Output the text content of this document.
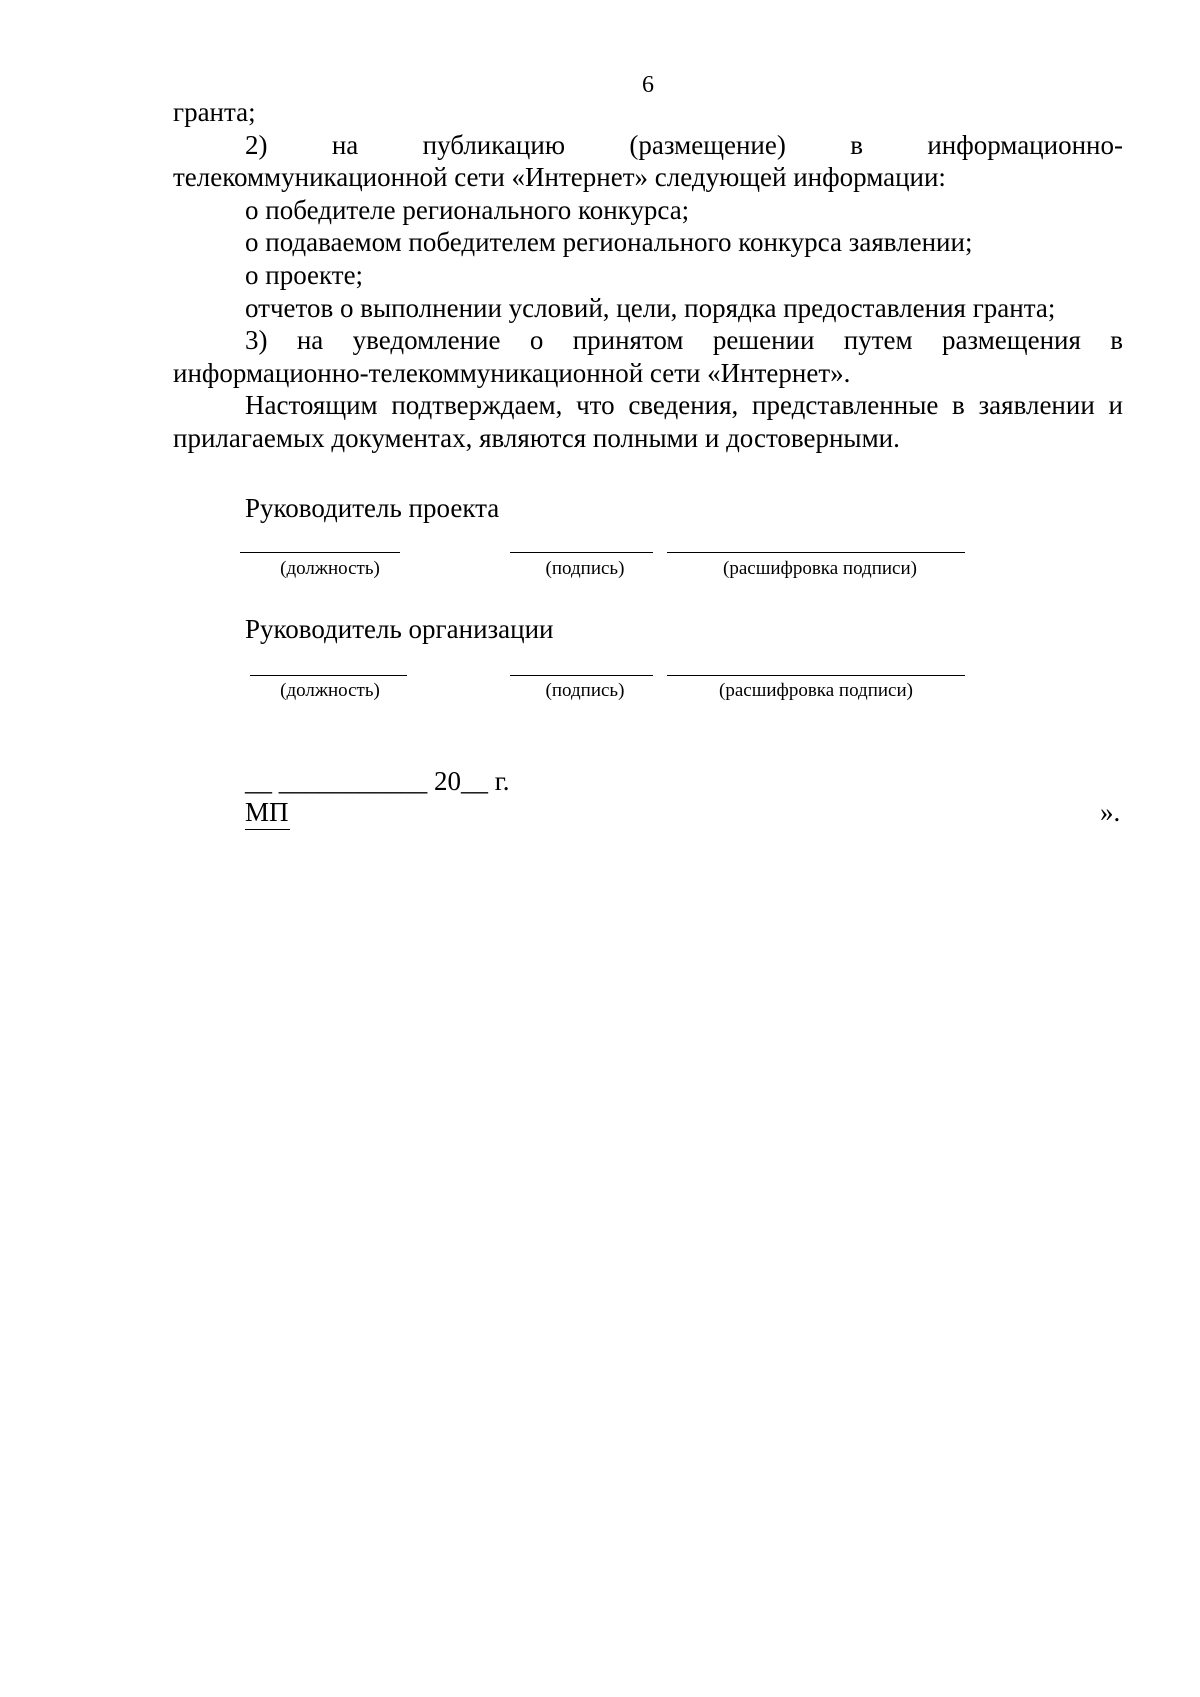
6
гранта;
2) на публикацию (размещение) в информационно-
телекоммуникационной сети «Интернет» следующей информации:
о победителе регионального конкурса;
о подаваемом победителем регионального конкурса заявлении;
о проекте;
отчетов о выполнении условий, цели, порядка предоставления гранта;
3) на уведомление о принятом решении путем размещения в
информационно-телекоммуникационной сети «Интернет».
Настоящим подтверждаем, что сведения, представленные в заявлении и
прилагаемых документах, являются полными и достоверными.
Руководитель проекта
(должность)	(подпись)	(расшифровка подписи)
Руководитель организации
(должность)	(подпись)	(расшифровка подписи)
__ ___________ 20__ г.
МП	».
